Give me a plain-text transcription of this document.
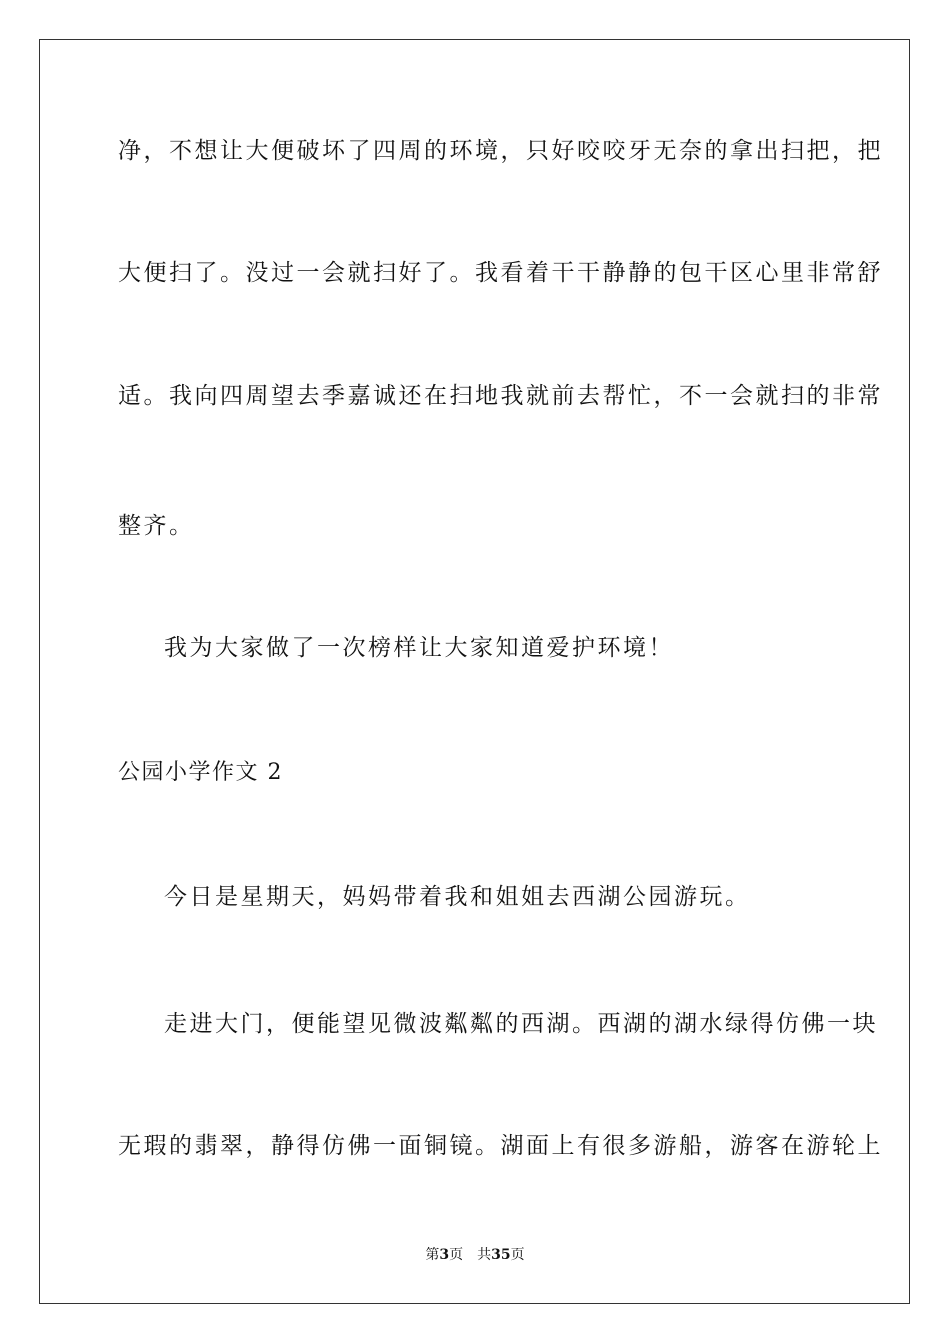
净，不想让大便破坏了四周的环境，只好咬咬牙无奈的拿出扫把，把
大便扫了。没过一会就扫好了。我看着干干静静的包干区心里非常舒
适。我向四周望去季嘉诚还在扫地我就前去帮忙，不一会就扫的非常
整齐。
我为大家做了一次榜样让大家知道爱护环境！
公园小学作文 2
今日是星期天，妈妈带着我和姐姐去西湖公园游玩。
走进大门，便能望见微波粼粼的西湖。西湖的湖水绿得仿佛一块
无瑕的翡翠，静得仿佛一面铜镜。湖面上有很多游船，游客在游轮上
第3页 共35页
